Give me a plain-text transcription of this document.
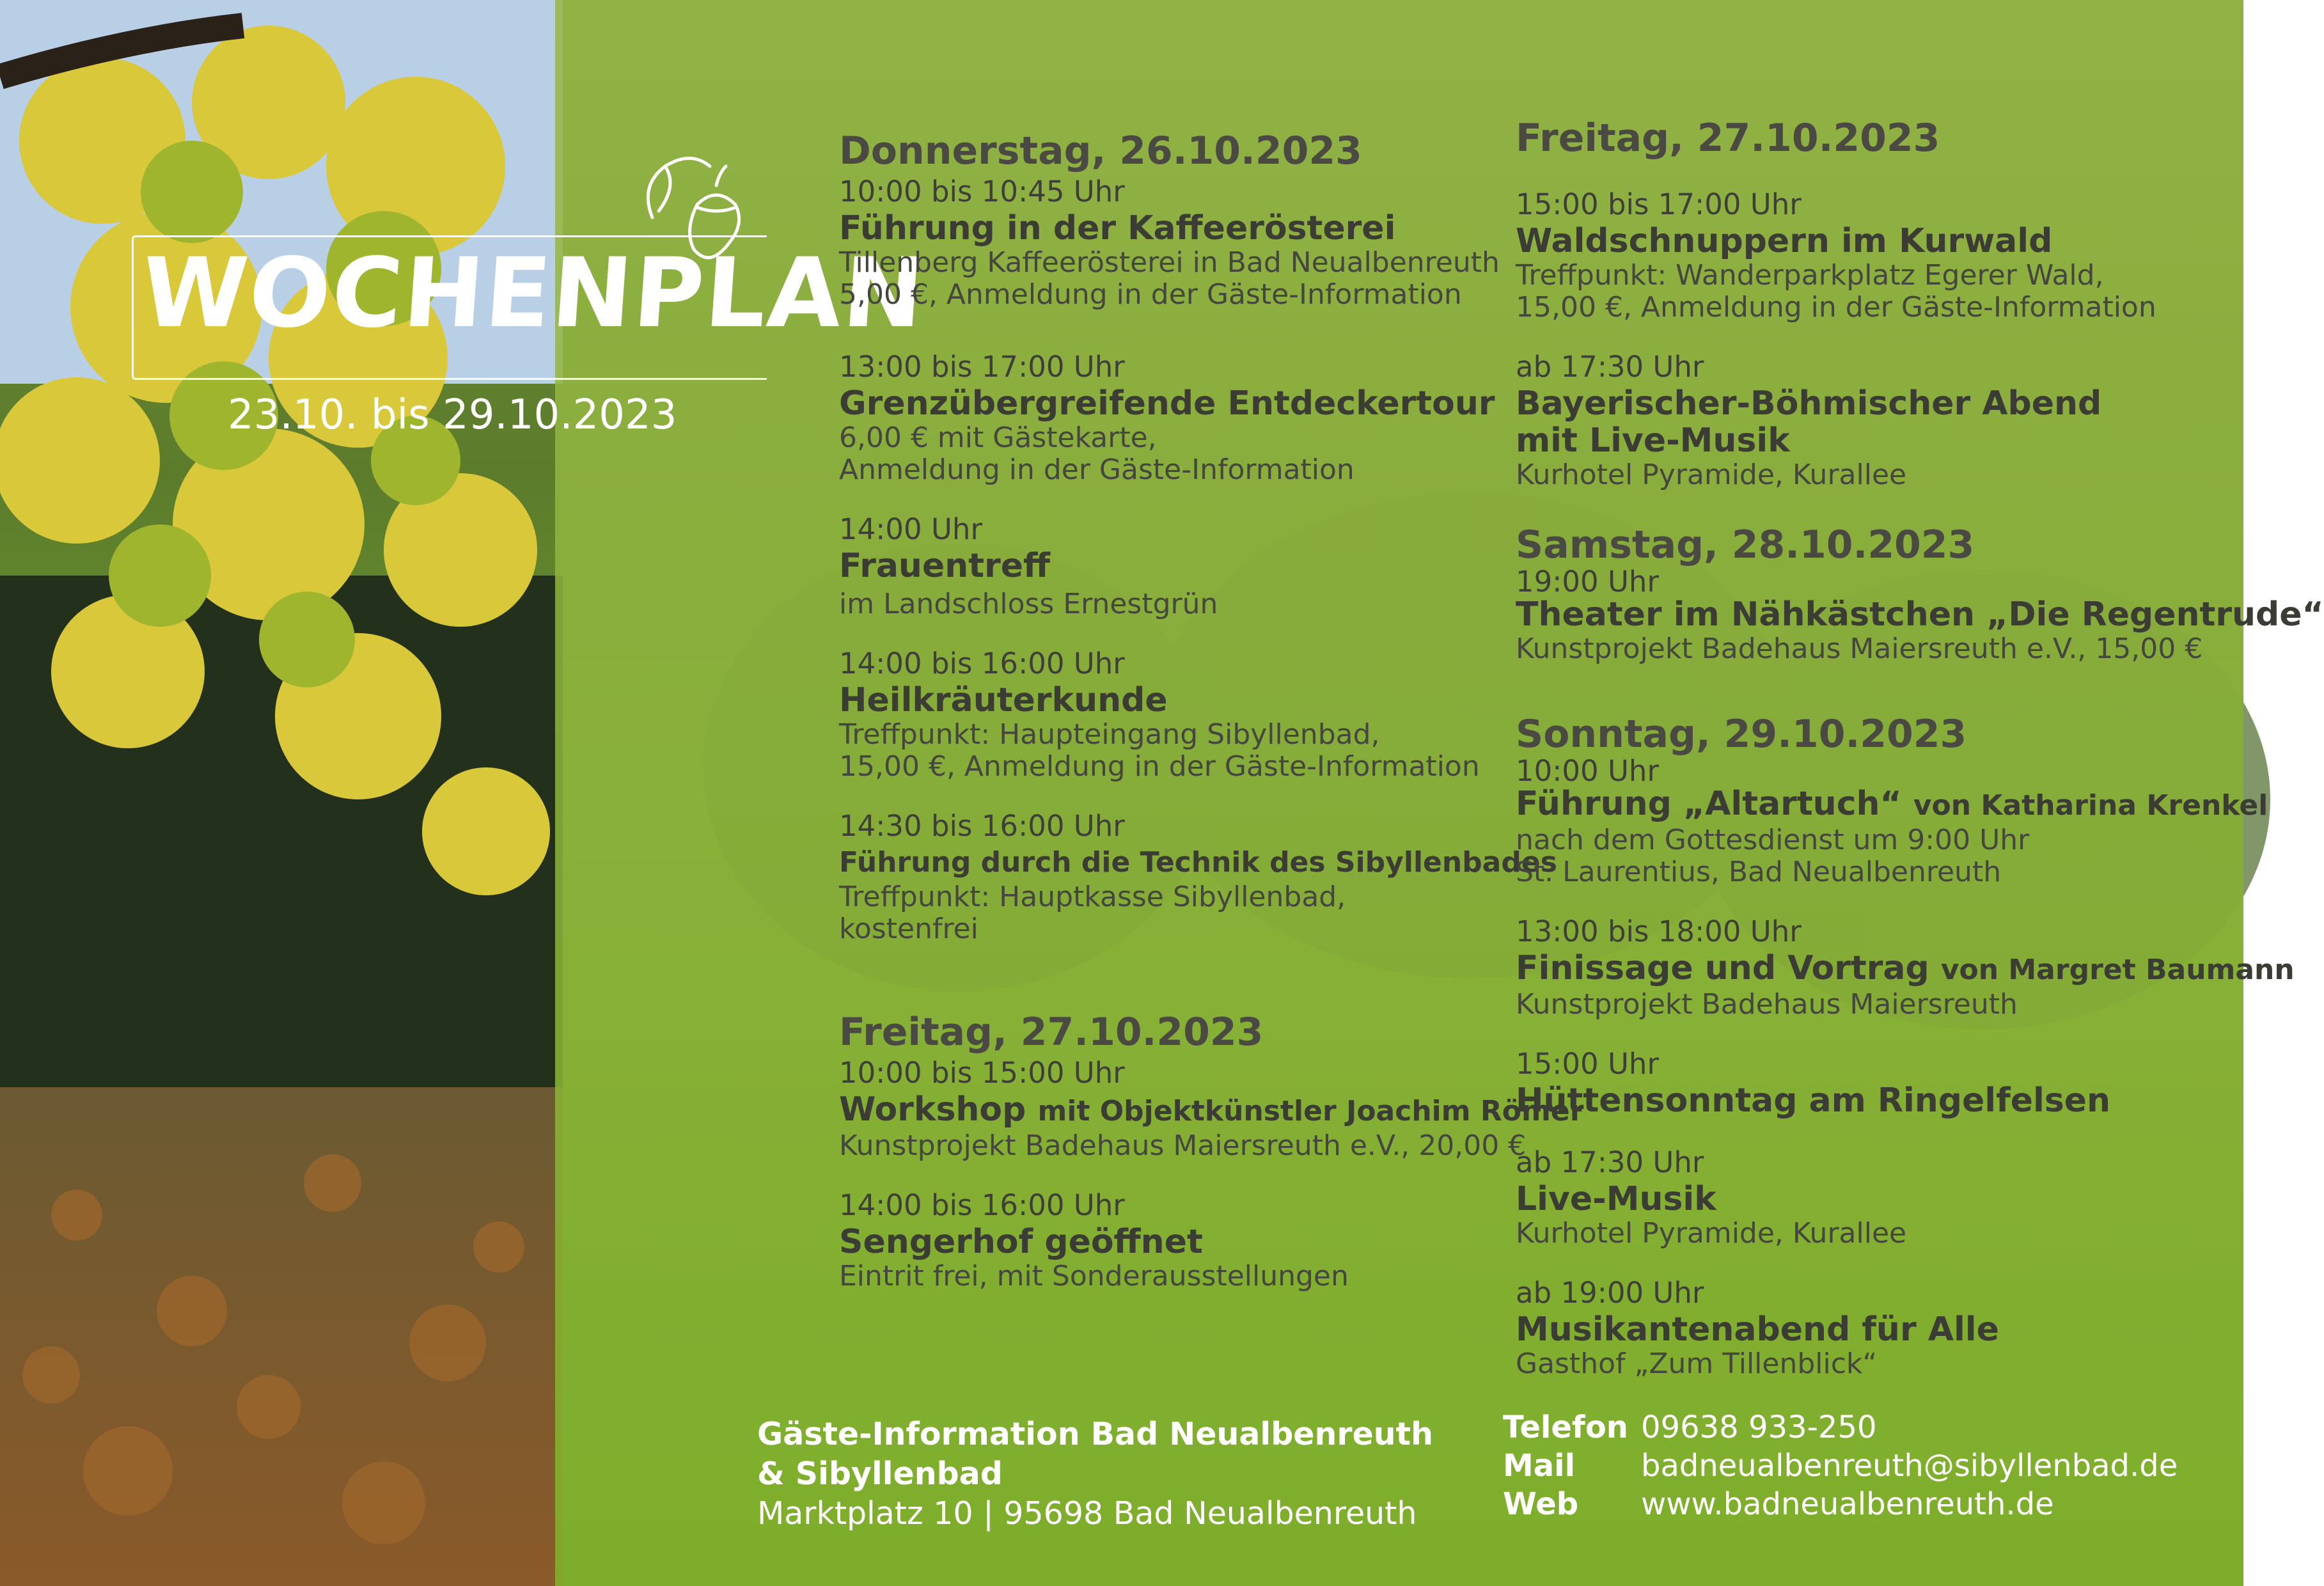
WOCHENPLAN
23.10. bis 29.10.2023
Donnerstag, 26.10.2023
10:00 bis 10:45 Uhr
Führung in der Kaffeerösterei
Tillenberg Kaffeerösterei in Bad Neualbenreuth
5,00 €, Anmeldung in der Gäste-Information
13:00 bis 17:00 Uhr
Grenzübergreifende Entdeckertour
6,00 € mit Gästekarte,
Anmeldung in der Gäste-Information
14:00 Uhr
Frauentreff
im Landschloss Ernestgrün
14:00 bis 16:00 Uhr
Heilkräuterkunde
Treffpunkt: Haupteingang Sibyllenbad,
15,00 €, Anmeldung in der Gäste-Information
14:30 bis 16:00 Uhr
Führung durch die Technik des Sibyllenbades
Treffpunkt: Hauptkasse Sibyllenbad,
kostenfrei
Freitag, 27.10.2023
10:00 bis 15:00 Uhr
Workshop mit Objektkünstler Joachim Römer
Kunstprojekt Badehaus Maiersreuth e.V., 20,00 €
14:00 bis 16:00 Uhr
Sengerhof geöffnet
Eintrit frei, mit Sonderausstellungen
Freitag, 27.10.2023
15:00 bis 17:00 Uhr
Waldschnuppern im Kurwald
Treffpunkt: Wanderparkplatz Egerer Wald,
15,00 €, Anmeldung in der Gäste-Information
ab 17:30 Uhr
Bayerischer-Böhmischer Abend
mit Live-Musik
Kurhotel Pyramide, Kurallee
Samstag, 28.10.2023
19:00 Uhr
Theater im Nähkästchen „Die Regentrude“
Kunstprojekt Badehaus Maiersreuth e.V., 15,00 €
Sonntag, 29.10.2023
10:00 Uhr
Führung „Altartuch“ von Katharina Krenkel
nach dem Gottesdienst um 9:00 Uhr
St. Laurentius, Bad Neualbenreuth
13:00 bis 18:00 Uhr
Finissage und Vortrag von Margret Baumann
Kunstprojekt Badehaus Maiersreuth
15:00 Uhr
Hüttensonntag am Ringelfelsen
ab 17:30 Uhr
Live-Musik
Kurhotel Pyramide, Kurallee
ab 19:00 Uhr
Musikantenabend für Alle
Gasthof „Zum Tillenblick“
Gäste-Information Bad Neualbenreuth
& Sibyllenbad
Marktplatz 10 | 95698 Bad Neualbenreuth
Telefon 09638 933-250
Mail	badneualbenreuth@sibyllenbad.de
Web	www.badneualbenreuth.de
